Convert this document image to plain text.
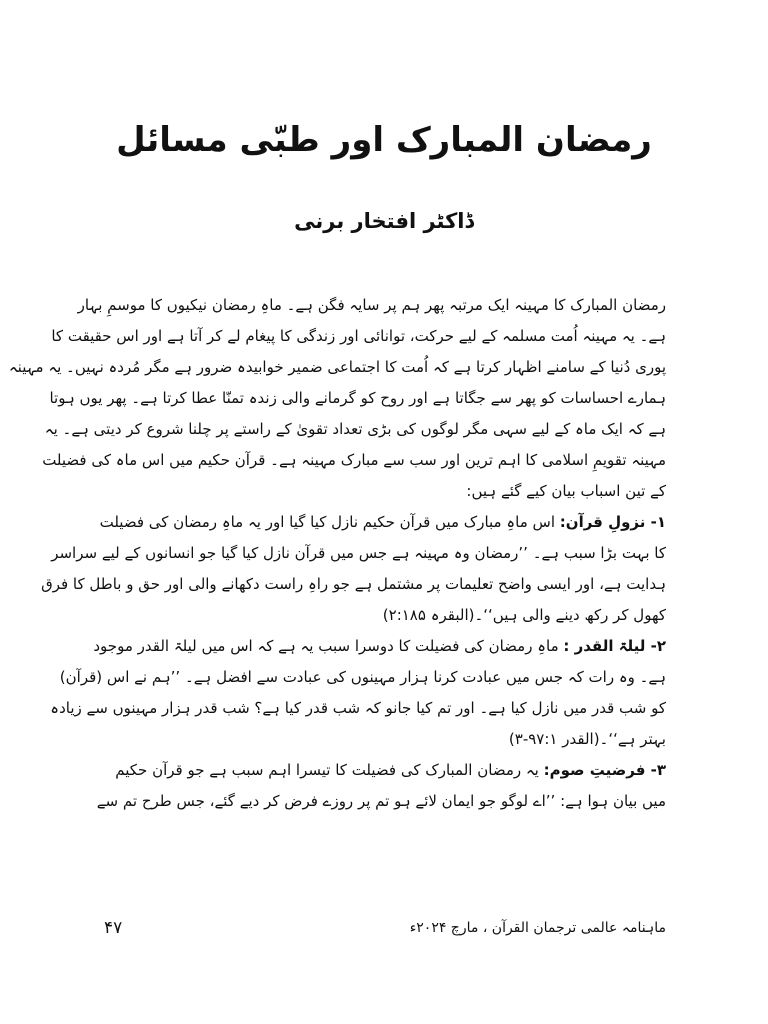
رمضان المبارک اور طبّی مسائل
ڈاکٹر افتخار برنی
رمضان المبارک کا مہینہ ایک مرتبہ پھر ہم پر سایہ فگن ہے۔ ماہِ رمضان نیکیوں کا موسمِ بہار
ہے۔ یہ مہینہ اُمت مسلمہ کے لیے حرکت، توانائی اور زندگی کا پیغام لے کر آتا ہے اور اس حقیقت کا
پوری دُنیا کے سامنے اظہار کرتا ہے کہ اُمت کا اجتماعی ضمیر خوابیدہ ضرور ہے مگر مُردہ نہیں۔ یہ مہینہ
ہمارے احساسات کو پھر سے جگاتا ہے اور روح کو گرمانے والی زندہ تمنّا عطا کرتا ہے۔ پھر یوں ہوتا
ہے کہ ایک ماہ کے لیے سہی مگر لوگوں کی بڑی تعداد تقویٰ کے راستے پر چلنا شروع کر دیتی ہے۔ یہ
مہینہ تقویمِ اسلامی کا اہم ترین اور سب سے مبارک مہینہ ہے۔ قرآن حکیم میں اس ماہ کی فضیلت
کے تین اسباب بیان کیے گئے ہیں:
۱- نزولِ قرآن: اس ماہِ مبارک میں قرآن حکیم نازل کیا گیا اور یہ ماہِ رمضان کی فضیلت
کا بہت بڑا سبب ہے۔ ’’رمضان وہ مہینہ ہے جس میں قرآن نازل کیا گیا جو انسانوں کے لیے سراسر
ہدایت ہے، اور ایسی واضح تعلیمات پر مشتمل ہے جو راہِ راست دکھانے والی اور حق و باطل کا فرق
کھول کر رکھ دینے والی ہیں‘‘۔(البقرہ ۲:۱۸۵)
۲- لیلۃ القدر : ماہِ رمضان کی فضیلت کا دوسرا سبب یہ ہے کہ اس میں لیلۃ القدر موجود
ہے۔ وہ رات کہ جس میں عبادت کرنا ہزار مہینوں کی عبادت سے افضل ہے۔ ’’ہم نے اس (قرآن)
کو شب قدر میں نازل کیا ہے۔ اور تم کیا جانو کہ شب قدر کیا ہے؟ شب قدر ہزار مہینوں سے زیادہ
بہتر ہے‘‘۔(القدر ۹۷:۱-۳)
۳- فرضیتِ صوم: یہ رمضان المبارک کی فضیلت کا تیسرا اہم سبب ہے جو قرآن حکیم
میں بیان ہوا ہے: ’’اے لوگو جو ایمان لائے ہو تم پر روزے فرض کر دیے گئے، جس طرح تم سے
ماہنامہ عالمی ترجمان القرآن ، مارچ ۲۰۲۴ء
۴۷
